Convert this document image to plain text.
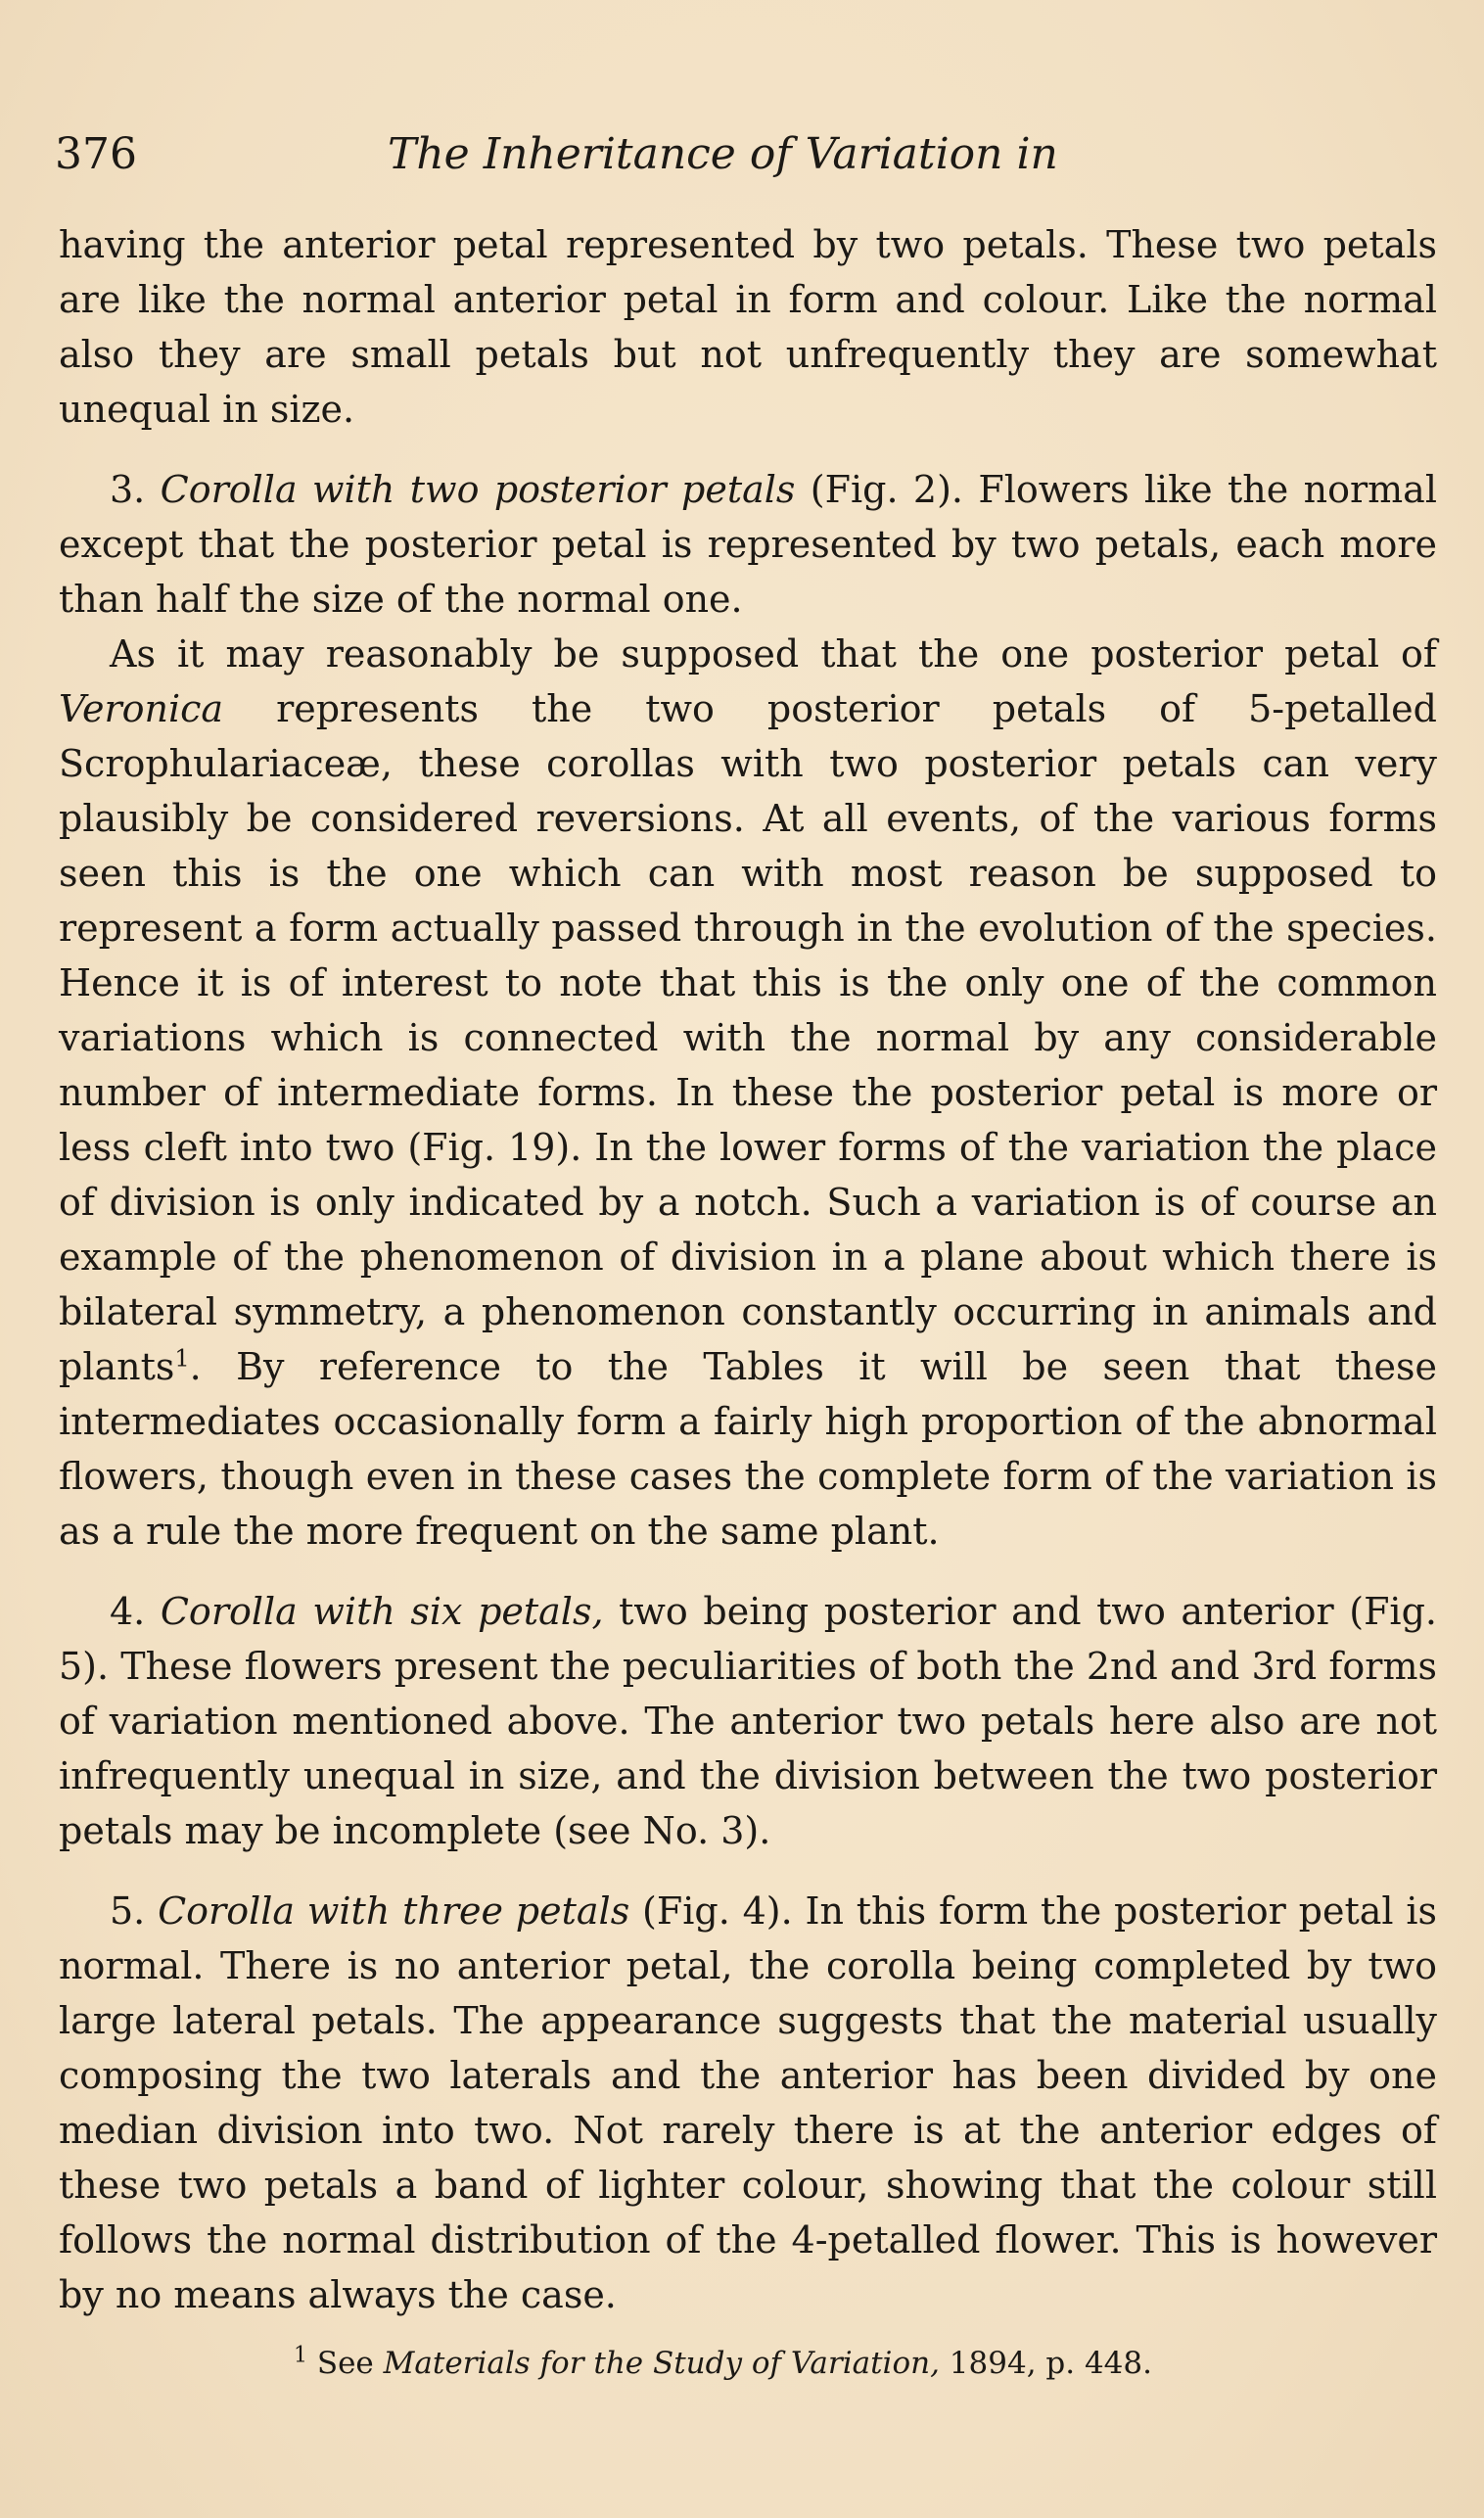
376	The Inheritance of Variation in

having the anterior petal represented by two petals. These two petals are like the normal anterior petal in form and colour. Like the normal also they are small petals but not unfrequently they are somewhat unequal in size.

3. Corolla with two posterior petals (Fig. 2). Flowers like the normal except that the posterior petal is represented by two petals, each more than half the size of the normal one.

As it may reasonably be supposed that the one posterior petal of Veronica represents the two posterior petals of 5-petalled Scrophulariaceæ, these corollas with two posterior petals can very plausibly be considered reversions. At all events, of the various forms seen this is the one which can with most reason be supposed to represent a form actually passed through in the evolution of the species. Hence it is of interest to note that this is the only one of the common variations which is connected with the normal by any considerable number of intermediate forms. In these the posterior petal is more or less cleft into two (Fig. 19). In the lower forms of the variation the place of division is only indicated by a notch. Such a variation is of course an example of the phenomenon of division in a plane about which there is bilateral symmetry, a phenomenon constantly occurring in animals and plants$^1$. By reference to the Tables it will be seen that these intermediates occasionally form a fairly high proportion of the abnormal flowers, though even in these cases the complete form of the variation is as a rule the more frequent on the same plant.

4. Corolla with six petals, two being posterior and two anterior (Fig. 5). These flowers present the peculiarities of both the 2nd and 3rd forms of variation mentioned above. The anterior two petals here also are not infrequently unequal in size, and the division between the two posterior petals may be incomplete (see No. 3).

5. Corolla with three petals (Fig. 4). In this form the posterior petal is normal. There is no anterior petal, the corolla being completed by two large lateral petals. The appearance suggests that the material usually composing the two laterals and the anterior has been divided by one median division into two. Not rarely there is at the anterior edges of these two petals a band of lighter colour, showing that the colour still follows the normal distribution of the 4-petalled flower. This is however by no means always the case.

$^1$ See Materials for the Study of Variation, 1894, p. 448.
